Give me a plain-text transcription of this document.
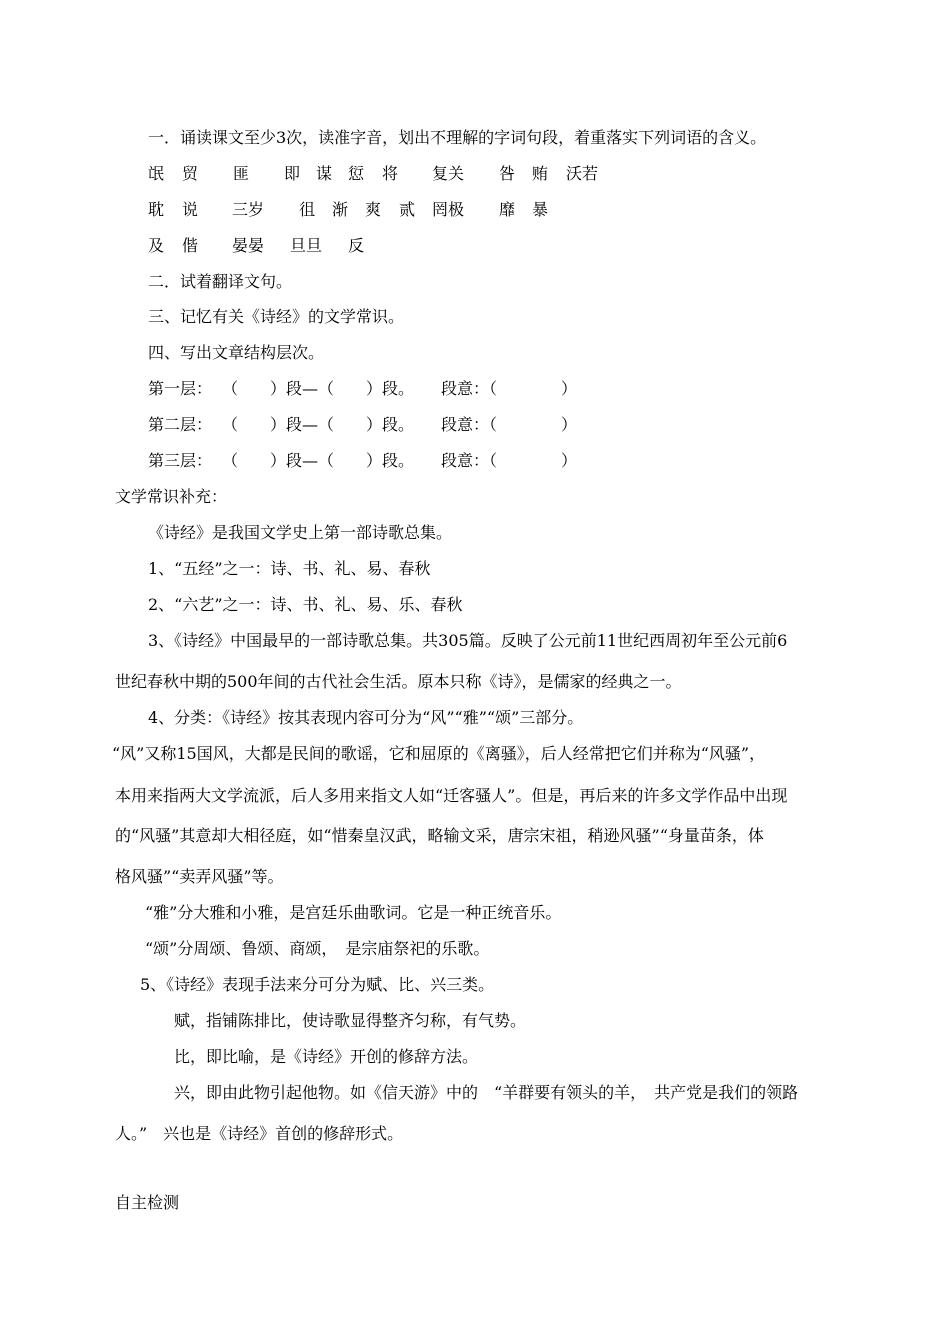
一．诵读课文至少3次，读准字音，划出不理解的字词句段，着重落实下列词语的含义。
氓 贸 匪 即 谋 愆 将 复关 咎 贿 沃若
耽 说 三岁 徂 渐 爽 贰 罔极 靡 暴
及 偕 晏晏 旦旦 反
二．试着翻译文句。
三、记忆有关《诗经》的文学常识。
四、写出文章结构层次。
第一层： （　　）段—（　　）段。 段意：（　　　　）
第二层： （　　）段—（　　）段。 段意：（　　　　）
第三层： （　　）段—（　　）段。 段意：（　　　　）
文学常识补充：
《诗经》是我国文学史上第一部诗歌总集。
1、“五经”之一：诗、书、礼、易、春秋
2、“六艺”之一：诗、书、礼、易、乐、春秋
3、《诗经》中国最早的一部诗歌总集。共305篇。反映了公元前11世纪西周初年至公元前6
世纪春秋中期的500年间的古代社会生活。原本只称《诗》，是儒家的经典之一。
4、分类：《诗经》按其表现内容可分为“风”“雅”“颂”三部分。
“风”又称15国风，大都是民间的歌谣，它和屈原的《离骚》，后人经常把它们并称为“风骚”，
本用来指两大文学流派，后人多用来指文人如“迁客骚人”。但是，再后来的许多文学作品中出现
的“风骚”其意却大相径庭，如“惜秦皇汉武，略输文采，唐宗宋祖，稍逊风骚”“身量苗条，体
格风骚”“卖弄风骚”等。
“雅”分大雅和小雅，是宫廷乐曲歌词。它是一种正统音乐。
“颂”分周颂、鲁颂、商颂，　是宗庙祭祀的乐歌。
5、《诗经》表现手法来分可分为赋、比、兴三类。
赋，指铺陈排比，使诗歌显得整齐匀称，有气势。
比，即比喻，是《诗经》开创的修辞方法。
兴，即由此物引起他物。如《信天游》中的　“羊群要有领头的羊，　共产党是我们的领路
人。”　兴也是《诗经》首创的修辞形式。
自主检测
